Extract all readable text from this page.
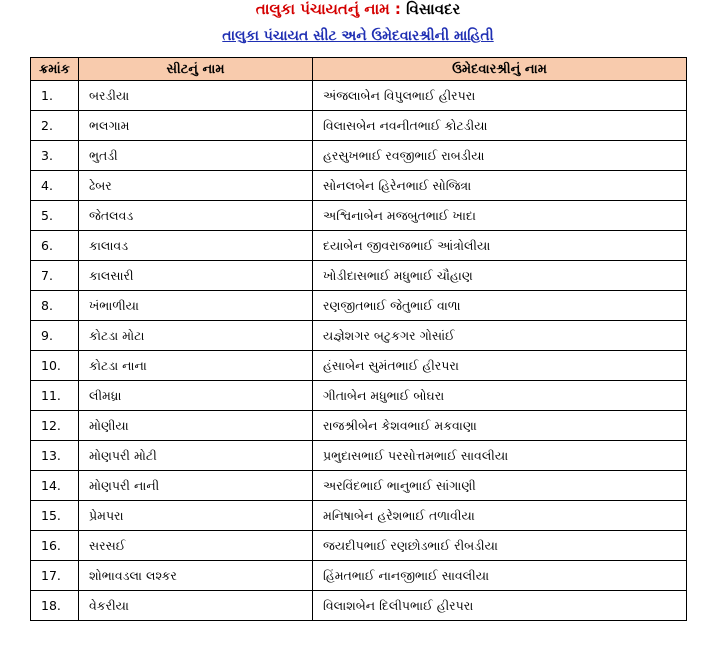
તાલુકા પંચાયતનું નામ : વિસાવદર
તાલુકા પંચાયત સીટ અને ઉમેદવારશ્રીની માહિતી
ક્રમાંક	સીટનું નામ	ઉમેદવારશ્રીનું નામ
1.	બરડીયા	અંજલાબેન વિપુલભાઈ હીરપરા
2.	ભલગામ	વિલાસબેન નવનીતભાઈ કોટડીયા
3.	ભુતડી	હરસુખભાઈ રવજીભાઈ રાબડીયા
4.	ઢેબર	સોનલબેન હિરેનભાઈ સોજિત્રા
5.	જેતલવડ	અશ્વિનાબેન મજબુતભાઈ ખાદા
6.	કાલાવડ	દયાબેન જીવરાજભાઈ આંત્રોલીયા
7.	કાલસારી	ખોડીદાસભાઈ મધુભાઈ ચૌહાણ
8.	ખંભાળીયા	રણજીતભાઈ જેતુભાઈ વાળા
9.	કોટડા મોટા	યજ્ઞેશગર બટુકગર ગોસાંઈ
10.	કોટડા નાના	હંસાબેન સુમંતભાઈ હીરપરા
11.	લીમધ્રા	ગીતાબેન મધુભાઈ બોઘરા
12.	મોણીયા	રાજશ્રીબેન કેશવભાઈ મકવાણા
13.	મોણપરી મોટી	પ્રભુદાસભાઈ પરસોત્તમભાઈ સાવલીયા
14.	મોણપરી નાની	અરવિંદભાઈ ભાનુભાઈ સાંગાણી
15.	પ્રેમપરા	મનિષાબેન હરેશભાઈ તળાવીયા
16.	સરસઈ	જયદીપભાઈ રણછોડભાઈ રીબડીયા
17.	શોભાવડલા લશ્કર	હિંમતભાઈ નાનજીભાઈ સાવલીયા
18.	વેકરીયા	વિલાશબેન દિલીપભાઈ હીરપરા
